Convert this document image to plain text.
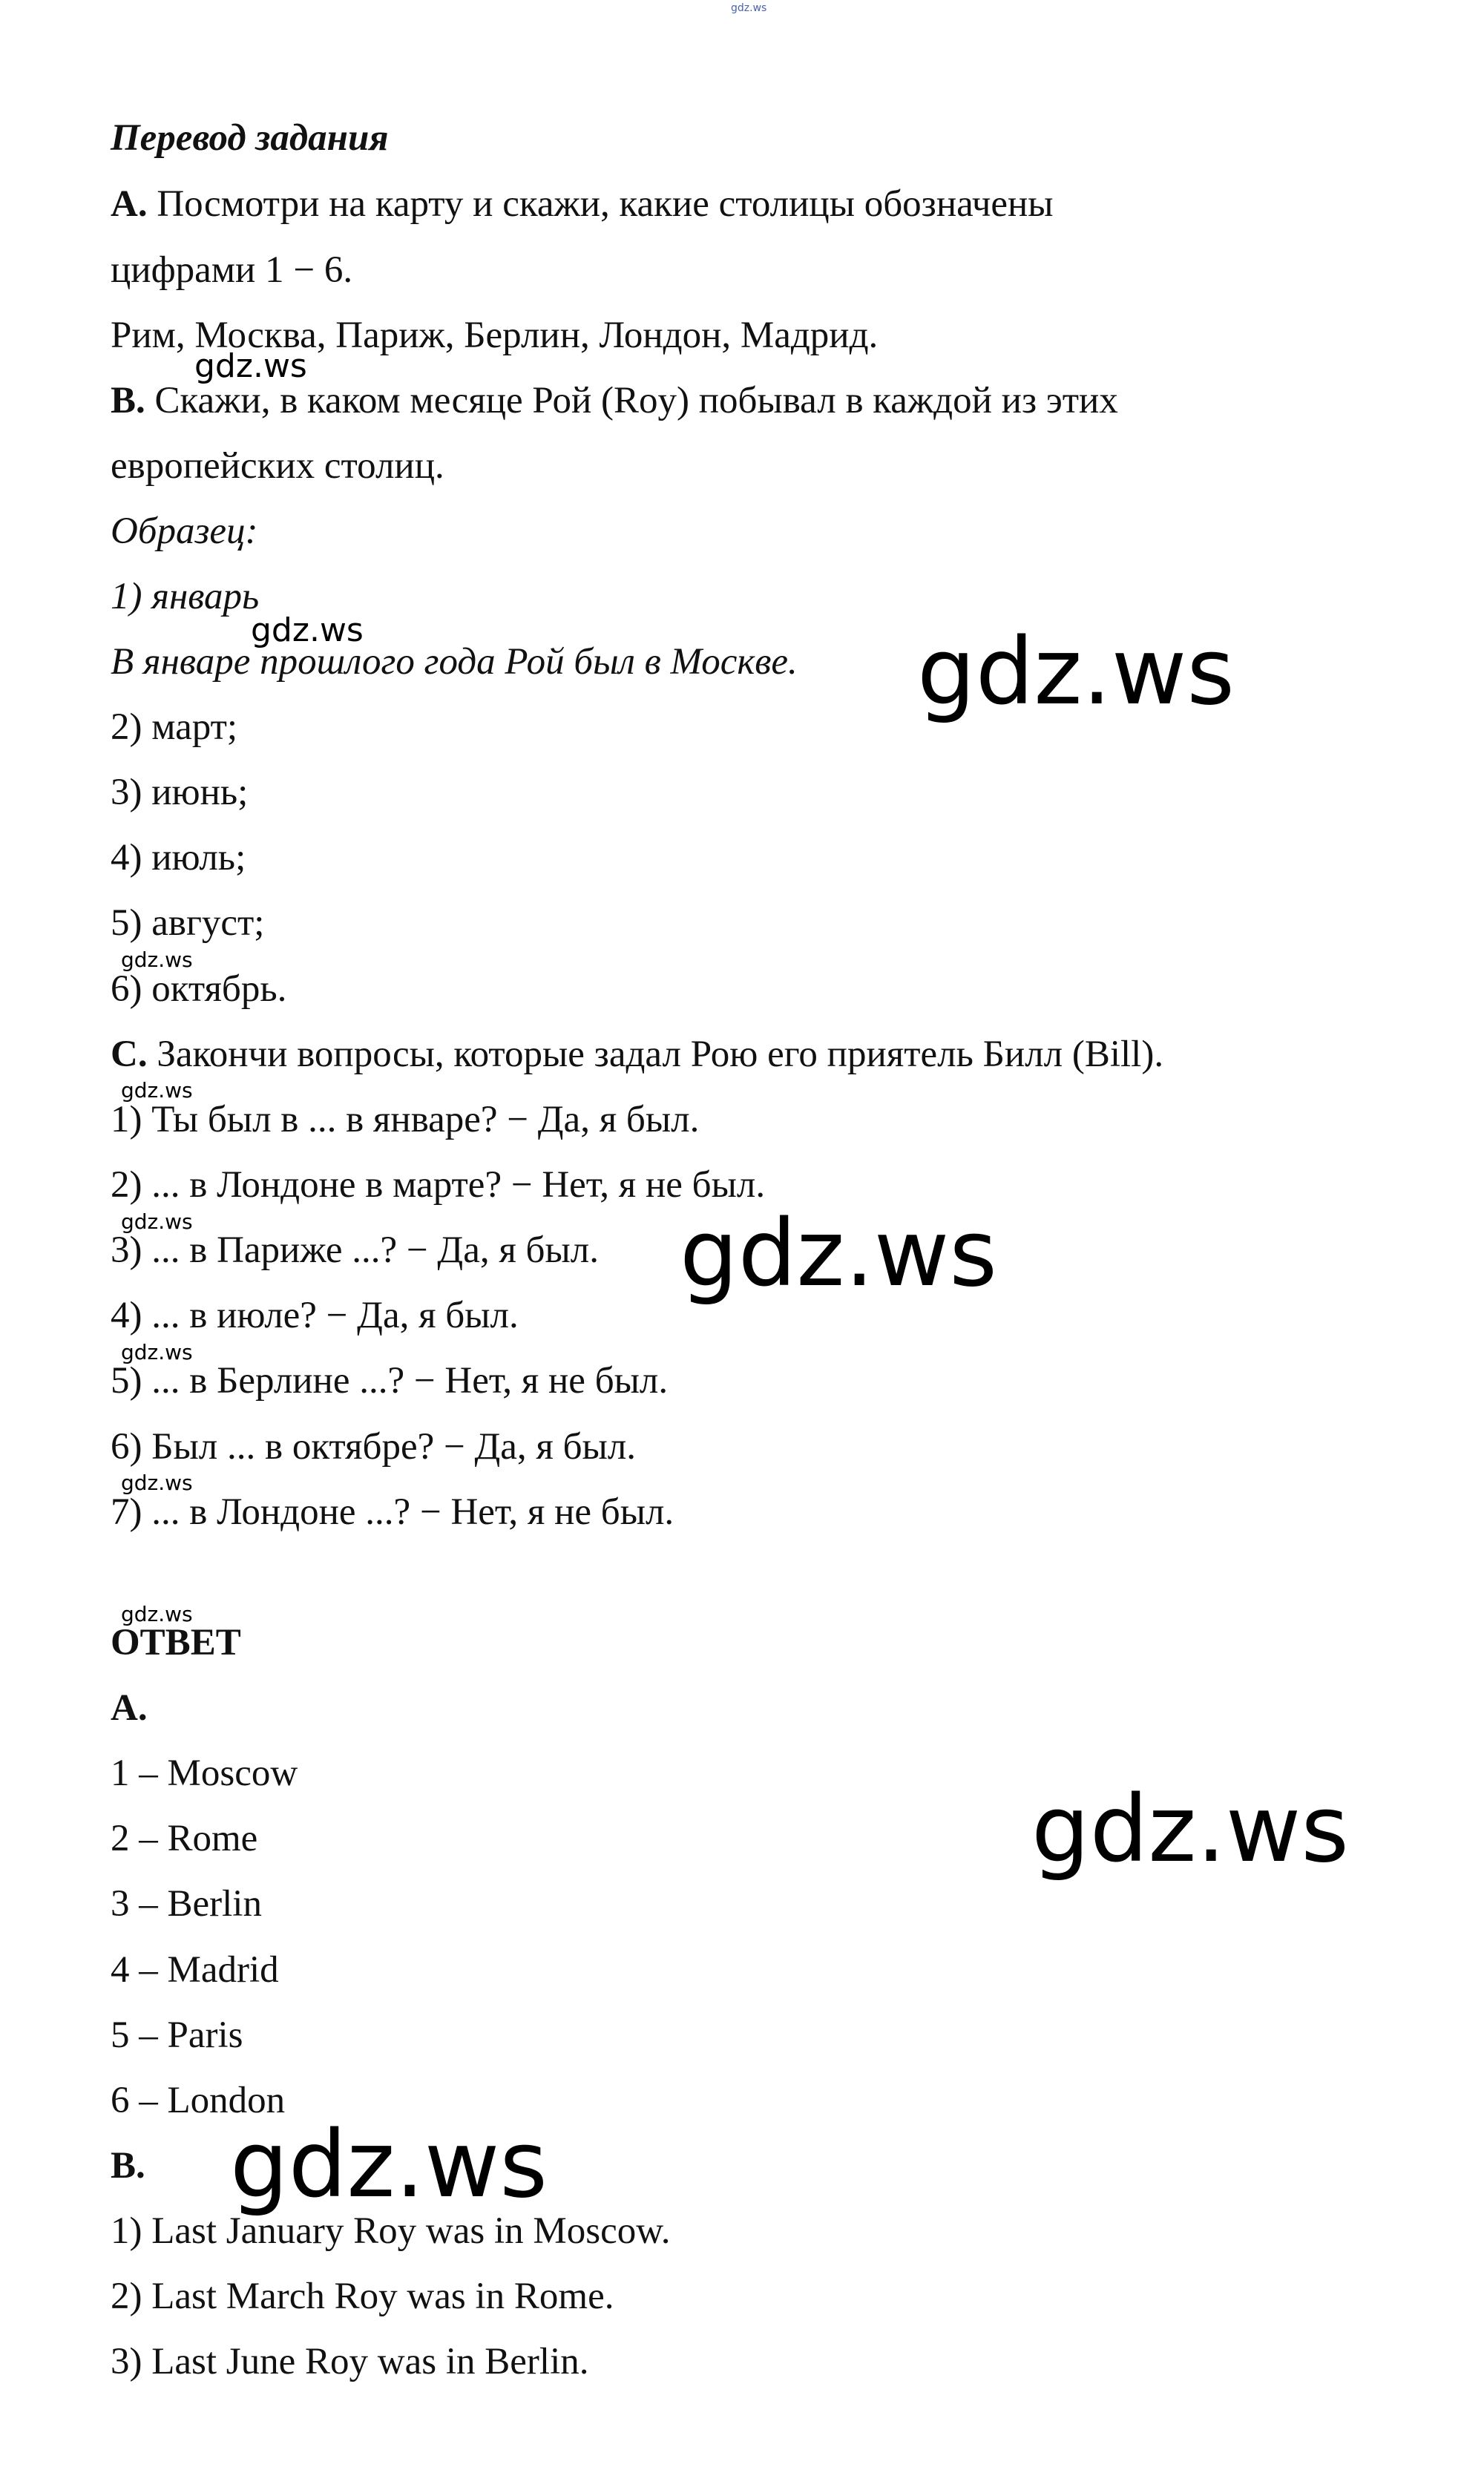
gdz.ws
Перевод задания
A. Посмотри на карту и скажи, какие столицы обозначены
цифрами 1 − 6.
Рим, Москва, Париж, Берлин, Лондон, Мадрид.
B. Скажи, в каком месяце Рой (Roy) побывал в каждой из этих
европейских столиц.
Образец:
1) январь
В январе прошлого года Рой был в Москве.
2) март;
3) июнь;
4) июль;
5) август;
6) октябрь.
C. Закончи вопросы, которые задал Рою его приятель Билл (Bill).
1) Ты был в ... в январе? − Да, я был.
2) ... в Лондоне в марте? − Нет, я не был.
3) ... в Париже ...? − Да, я был.
4) ... в июле? − Да, я был.
5) ... в Берлине ...? − Нет, я не был.
6) Был ... в октябре? − Да, я был.
7) ... в Лондоне ...? − Нет, я не был.
ОТВЕТ
A.
1 – Moscow
2 – Rome
3 – Berlin
4 – Madrid
5 – Paris
6 – London
B.
1) Last January Roy was in Moscow.
2) Last March Roy was in Rome.
3) Last June Roy was in Berlin.
gdz.ws
gdz.ws	gdz.ws
gdz.ws
gdz.ws
gdz.ws	gdz.ws
gdz.ws
gdz.ws
gdz.ws
gdz.ws
gdz.ws
